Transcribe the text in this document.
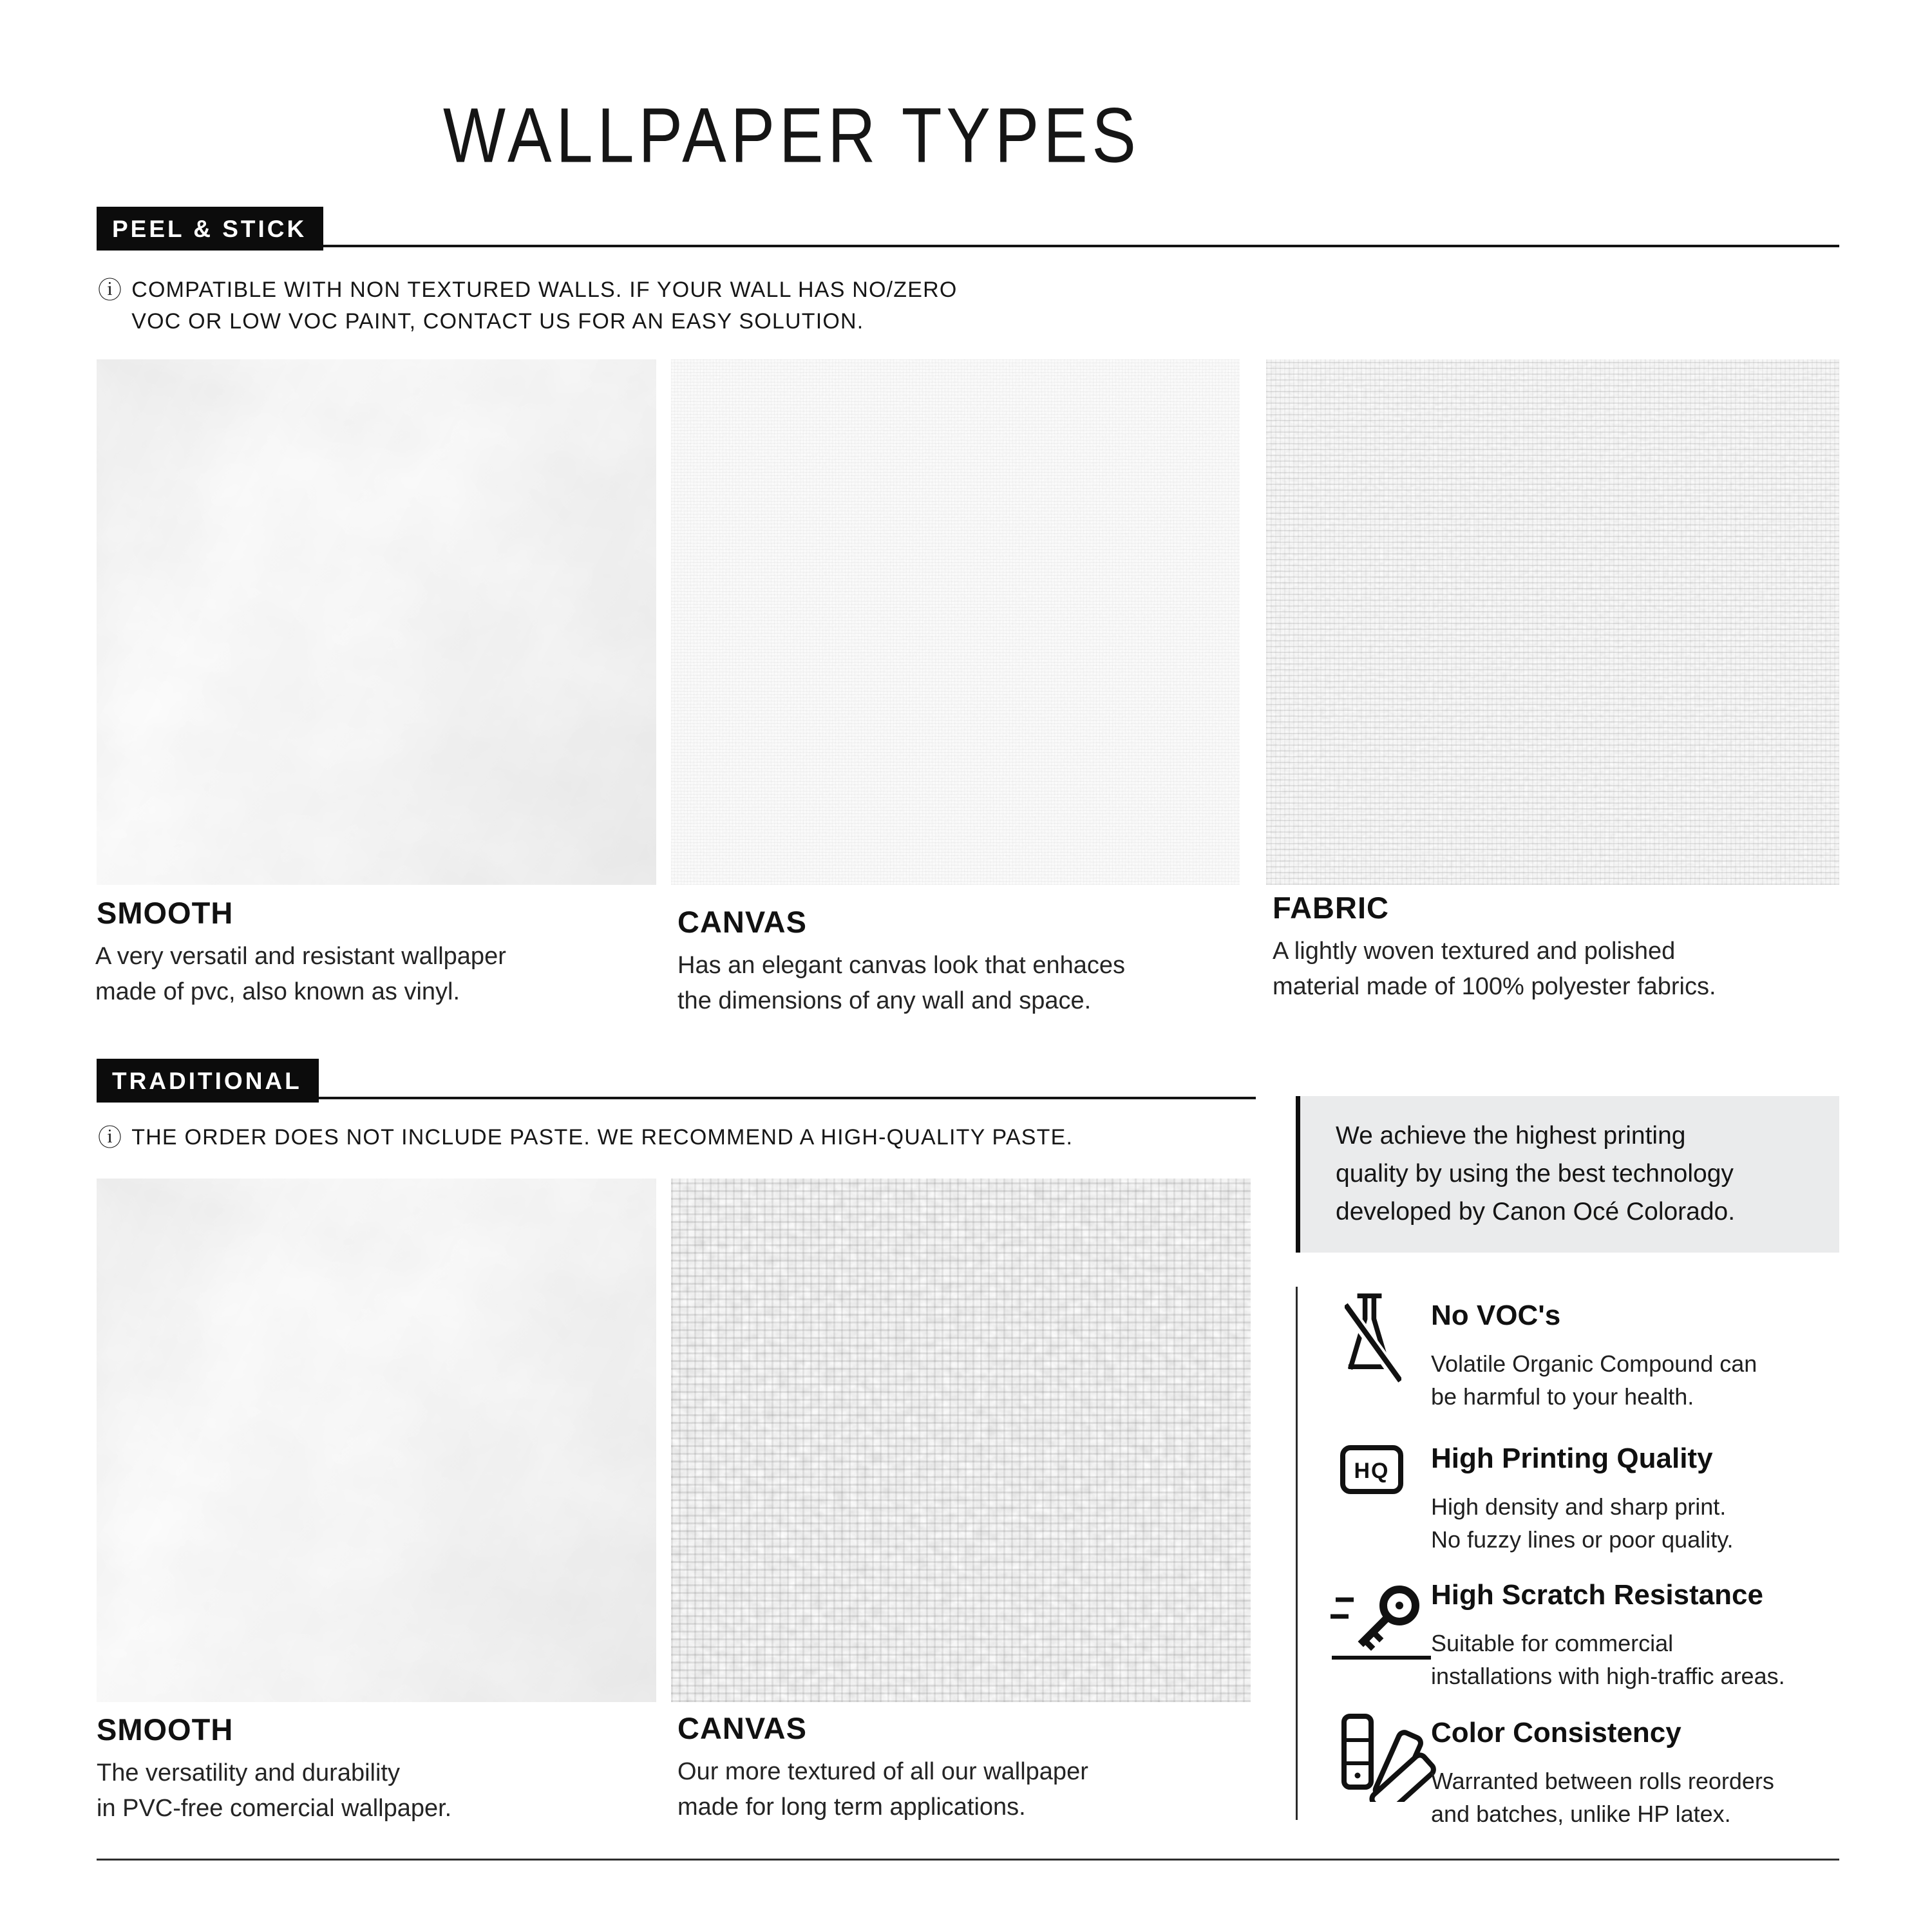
WALLPAPER TYPES
PEEL & STICK
ⓘ COMPATIBLE WITH NON TEXTURED WALLS. IF YOUR WALL HAS NO/ZERO
VOC OR LOW VOC PAINT, CONTACT US FOR AN EASY SOLUTION.
SMOOTH
A very versatil and resistant wallpaper
made of pvc, also known as vinyl.
CANVAS
Has an elegant canvas look that enhaces
the dimensions of any wall and space.
FABRIC
A lightly woven textured and polished
material made of 100% polyester fabrics.
TRADITIONAL
ⓘ THE ORDER DOES NOT INCLUDE PASTE. WE RECOMMEND A HIGH-QUALITY PASTE.
SMOOTH
The versatility and durability
in PVC-free comercial wallpaper.
CANVAS
Our more textured of all our wallpaper
made for long term applications.
We achieve the highest printing
quality by using the best technology
developed by Canon Océ Colorado.
No VOC's
Volatile Organic Compound can
be harmful to your health.
HQ High Printing Quality
High density and sharp print.
No fuzzy lines or poor quality.
High Scratch Resistance
Suitable for commercial
installations with high-traffic areas.
Color Consistency
Warranted between rolls reorders
and batches, unlike HP latex.
